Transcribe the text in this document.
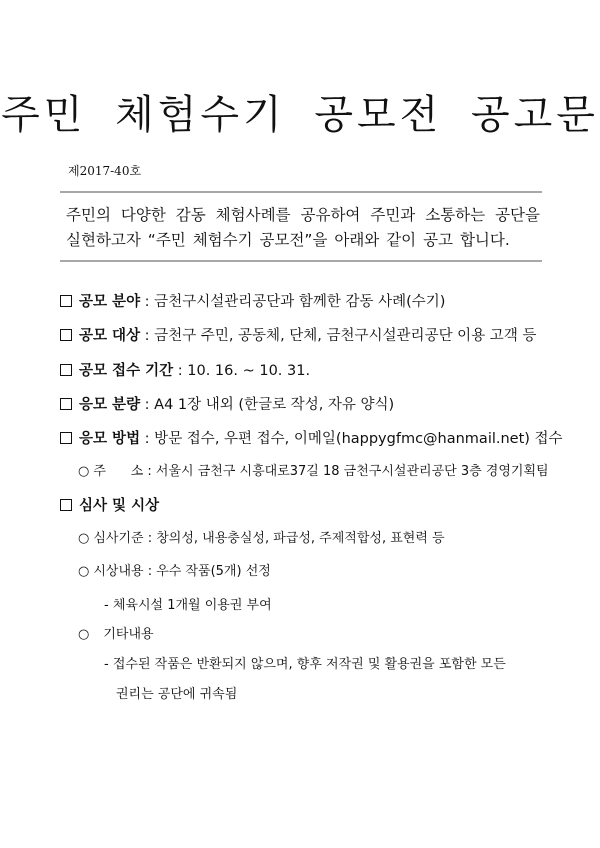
주민 체험수기 공모전 공고문
제2017-40호
주민의 다양한 감동 체험사례를 공유하여 주민과 소통하는 공단을
실현하고자 “주민 체험수기 공모전”을 아래와 같이 공고 합니다.
공모 분야 : 금천구시설관리공단과 함께한 감동 사례(수기)
공모 대상 : 금천구 주민, 공동체, 단체, 금천구시설관리공단 이용 고객 등
공모 접수 기간 : 10. 16. ~ 10. 31.
응모 분량 : A4 1장 내외 (한글로 작성, 자유 양식)
응모 방법 : 방문 접수, 우편 접수, 이메일(happygfmc@hanmail.net) 접수
○ 주      소 : 서울시 금천구 시흥대로37길 18 금천구시설관리공단 3층 경영기획팀
심사 및 시상
○ 심사기준 : 창의성, 내용충실성, 파급성, 주제적합성, 표현력 등
○ 시상내용 : 우수 작품(5개) 선정
- 체육시설 1개월 이용권 부여
○ 기타내용
- 접수된 작품은 반환되지 않으며, 향후 저작권 및 활용권을 포함한 모든
권리는 공단에 귀속됨
